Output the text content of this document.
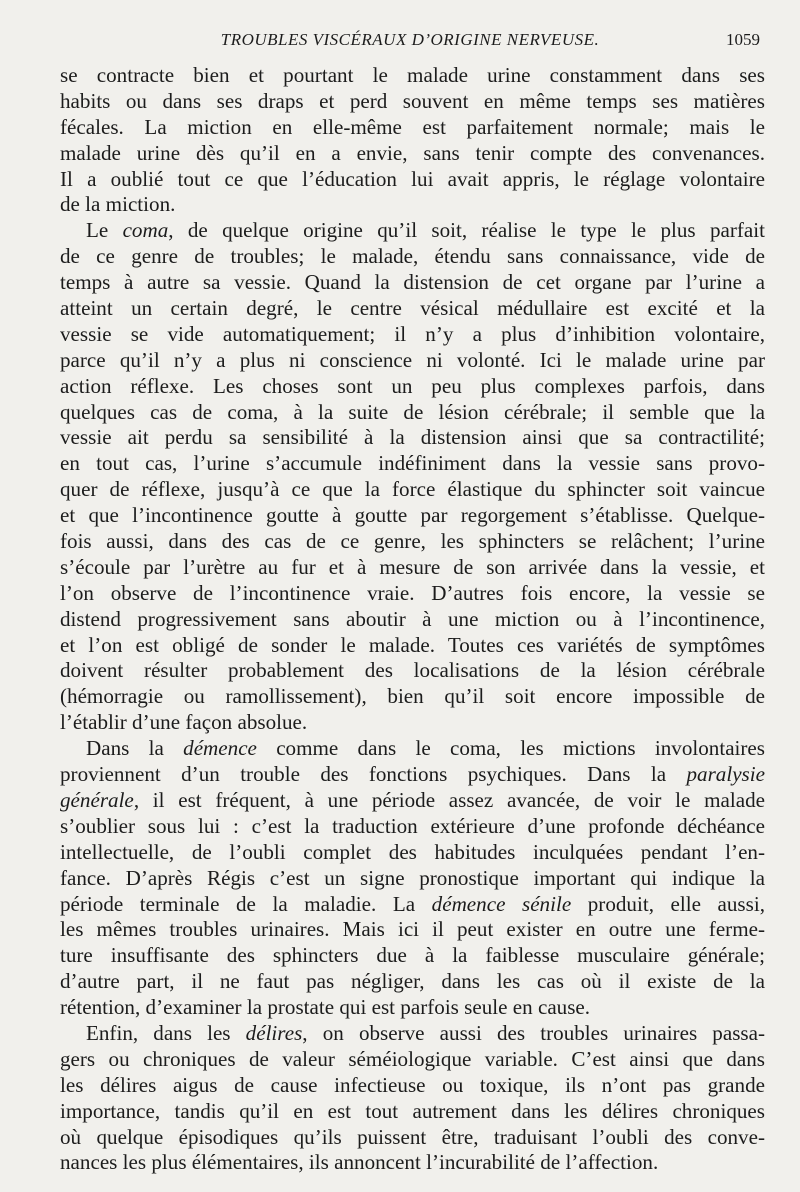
TROUBLES VISCÉRAUX D’ORIGINE NERVEUSE.	1059

se contracte bien et pourtant le malade urine constamment dans ses
habits ou dans ses draps et perd souvent en même temps ses matières
fécales. La miction en elle-même est parfaitement normale; mais le
malade urine dès qu’il en a envie, sans tenir compte des convenances.
Il a oublié tout ce que l’éducation lui avait appris, le réglage volontaire
de la miction.

Le coma, de quelque origine qu’il soit, réalise le type le plus parfait
de ce genre de troubles; le malade, étendu sans connaissance, vide de
temps à autre sa vessie. Quand la distension de cet organe par l’urine a
atteint un certain degré, le centre vésical médullaire est excité et la
vessie se vide automatiquement; il n’y a plus d’inhibition volontaire,
parce qu’il n’y a plus ni conscience ni volonté. Ici le malade urine par
action réflexe. Les choses sont un peu plus complexes parfois, dans
quelques cas de coma, à la suite de lésion cérébrale; il semble que la
vessie ait perdu sa sensibilité à la distension ainsi que sa contractilité;
en tout cas, l’urine s’accumule indéfiniment dans la vessie sans provo-
quer de réflexe, jusqu’à ce que la force élastique du sphincter soit vaincue
et que l’incontinence goutte à goutte par regorgement s’établisse. Quelque-
fois aussi, dans des cas de ce genre, les sphincters se relâchent; l’urine
s’écoule par l’urètre au fur et à mesure de son arrivée dans la vessie, et
l’on observe de l’incontinence vraie. D’autres fois encore, la vessie se
distend progressivement sans aboutir à une miction ou à l’incontinence,
et l’on est obligé de sonder le malade. Toutes ces variétés de symptômes
doivent résulter probablement des localisations de la lésion cérébrale
(hémorragie ou ramollissement), bien qu’il soit encore impossible de
l’établir d’une façon absolue.

Dans la démence comme dans le coma, les mictions involontaires
proviennent d’un trouble des fonctions psychiques. Dans la paralysie
générale, il est fréquent, à une période assez avancée, de voir le malade
s’oublier sous lui : c’est la traduction extérieure d’une profonde déchéance
intellectuelle, de l’oubli complet des habitudes inculquées pendant l’en-
fance. D’après Régis c’est un signe pronostique important qui indique la
période terminale de la maladie. La démence sénile produit, elle aussi,
les mêmes troubles urinaires. Mais ici il peut exister en outre une ferme-
ture insuffisante des sphincters due à la faiblesse musculaire générale;
d’autre part, il ne faut pas négliger, dans les cas où il existe de la
rétention, d’examiner la prostate qui est parfois seule en cause.

Enfin, dans les délires, on observe aussi des troubles urinaires passa-
gers ou chroniques de valeur séméiologique variable. C’est ainsi que dans
les délires aigus de cause infectieuse ou toxique, ils n’ont pas grande
importance, tandis qu’il en est tout autrement dans les délires chroniques
où quelque épisodiques qu’ils puissent être, traduisant l’oubli des conve-
nances les plus élémentaires, ils annoncent l’incurabilité de l’affection.
